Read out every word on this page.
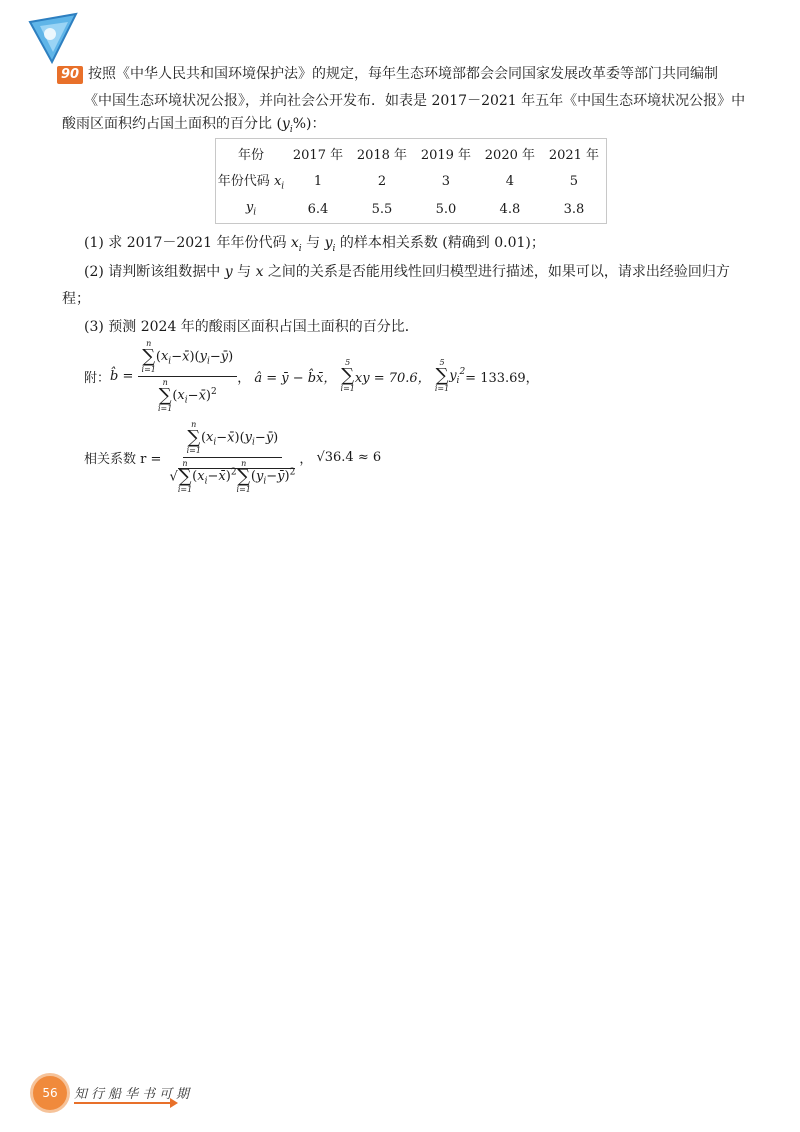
90 按照《中华人民共和国环境保护法》的规定，每年生态环境部都会会同国家发展改革委等部门共同编制
《中国生态环境状况公报》，并向社会公开发布．如表是 2017－2021 年五年《中国生态环境状况公报》中
酸雨区面积约占国土面积的百分比 $(y_i\%)$：
年份	2017 年	2018 年	2019 年	2020 年	2021 年
年份代码 $x_i$	1	2	3	4	5
$y_i$	6.4	5.5	5.0	4.8	3.8
(1) 求 2017－2021 年年份代码 $x_i$ 与 $y_i$ 的样本相关系数 (精确到 0.01)；
(2) 请判断该组数据中 y 与 x 之间的关系是否能用线性回归模型进行描述，如果可以，请求出经验回归方
程；
(3) 预测 2024 年的酸雨区面积占国土面积的百分比．
附： b̂ = n
∑
i=1
$(x_i-x̄)(y_i-ȳ)$
n
∑
i=1
$(x_i-x̄)^2$ ， â = ȳ − b̂x̄，

5
∑
i=1
xy = 70.6，

5
∑
i=1
$y_i^2 = 133.69$，
相关系数 r =
n
∑
i=1
$(x_i-x̄)(y_i-ȳ)$
√
n
∑
i=1
$(x_i-x̄)^2$
n
∑
i=1
$(y_i-ȳ)^2$ ， √36.4 ≈ 6
56	知行船华书可期
